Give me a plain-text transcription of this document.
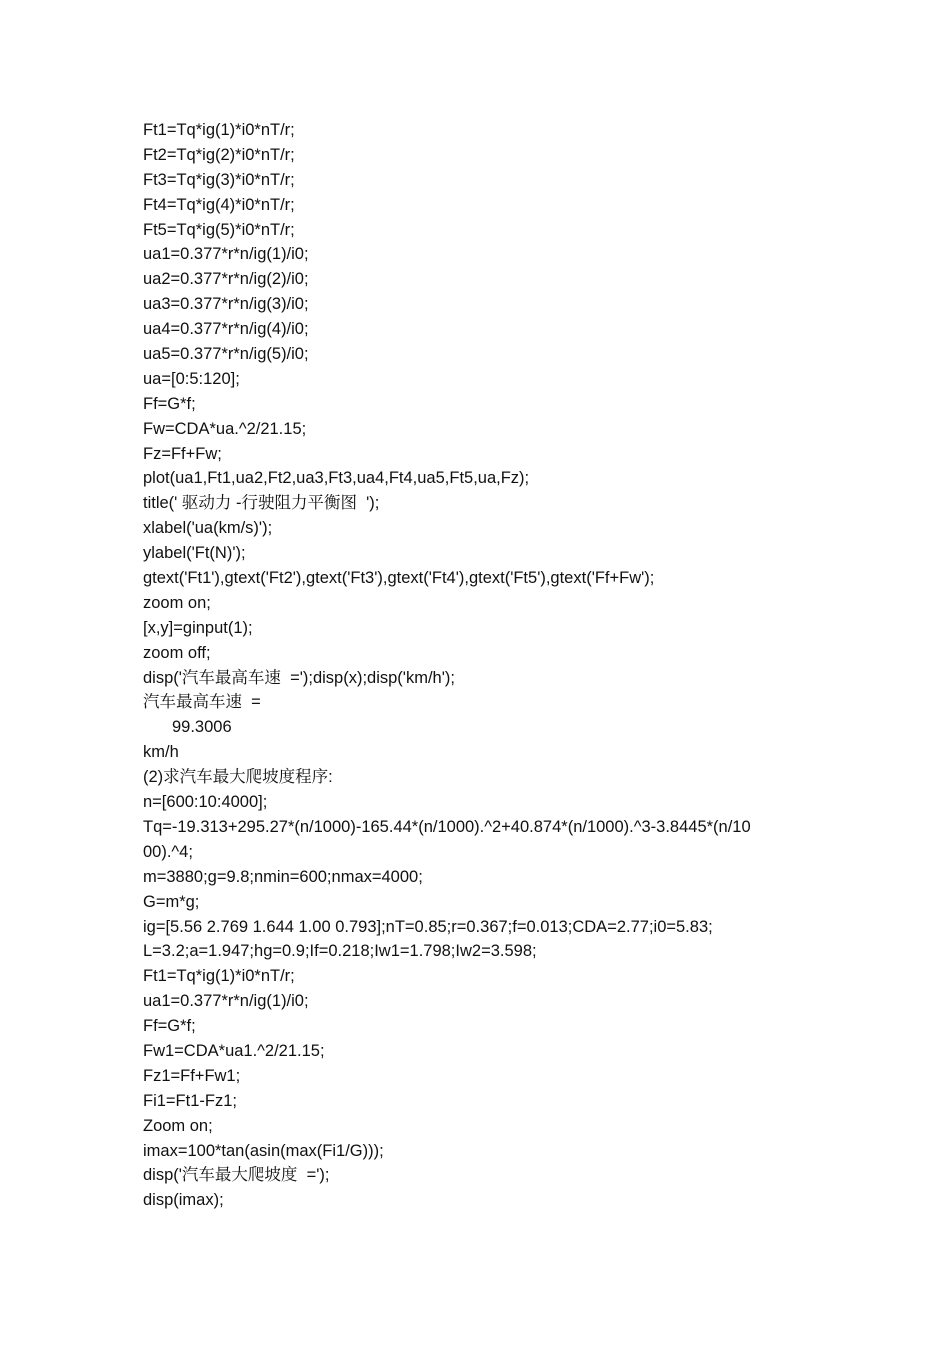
Ft1=Tq*ig(1)*i0*nT/r;
Ft2=Tq*ig(2)*i0*nT/r;
Ft3=Tq*ig(3)*i0*nT/r;
Ft4=Tq*ig(4)*i0*nT/r;
Ft5=Tq*ig(5)*i0*nT/r;
ua1=0.377*r*n/ig(1)/i0;
ua2=0.377*r*n/ig(2)/i0;
ua3=0.377*r*n/ig(3)/i0;
ua4=0.377*r*n/ig(4)/i0;
ua5=0.377*r*n/ig(5)/i0;
ua=[0:5:120];
Ff=G*f;
Fw=CDA*ua.^2/21.15;
Fz=Ff+Fw;
plot(ua1,Ft1,ua2,Ft2,ua3,Ft3,ua4,Ft4,ua5,Ft5,ua,Fz);
title(' 驱动力 -行驶阻力平衡图  ');
xlabel('ua(km/s)');
ylabel('Ft(N)');
gtext('Ft1'),gtext('Ft2'),gtext('Ft3'),gtext('Ft4'),gtext('Ft5'),gtext('Ff+Fw');
zoom on;
[x,y]=ginput(1);
zoom off;
disp('汽车最高车速  =');disp(x);disp('km/h');
汽车最高车速  =
99.3006
km/h
(2)求汽车最大爬坡度程序:
n=[600:10:4000];
Tq=-19.313+295.27*(n/1000)-165.44*(n/1000).^2+40.874*(n/1000).^3-3.8445*(n/10
00).^4;
m=3880;g=9.8;nmin=600;nmax=4000;
G=m*g;
ig=[5.56 2.769 1.644 1.00 0.793];nT=0.85;r=0.367;f=0.013;CDA=2.77;i0=5.83;
L=3.2;a=1.947;hg=0.9;If=0.218;Iw1=1.798;Iw2=3.598;
Ft1=Tq*ig(1)*i0*nT/r;
ua1=0.377*r*n/ig(1)/i0;
Ff=G*f;
Fw1=CDA*ua1.^2/21.15;
Fz1=Ff+Fw1;
Fi1=Ft1-Fz1;
Zoom on;
imax=100*tan(asin(max(Fi1/G)));
disp('汽车最大爬坡度  =');
disp(imax);
